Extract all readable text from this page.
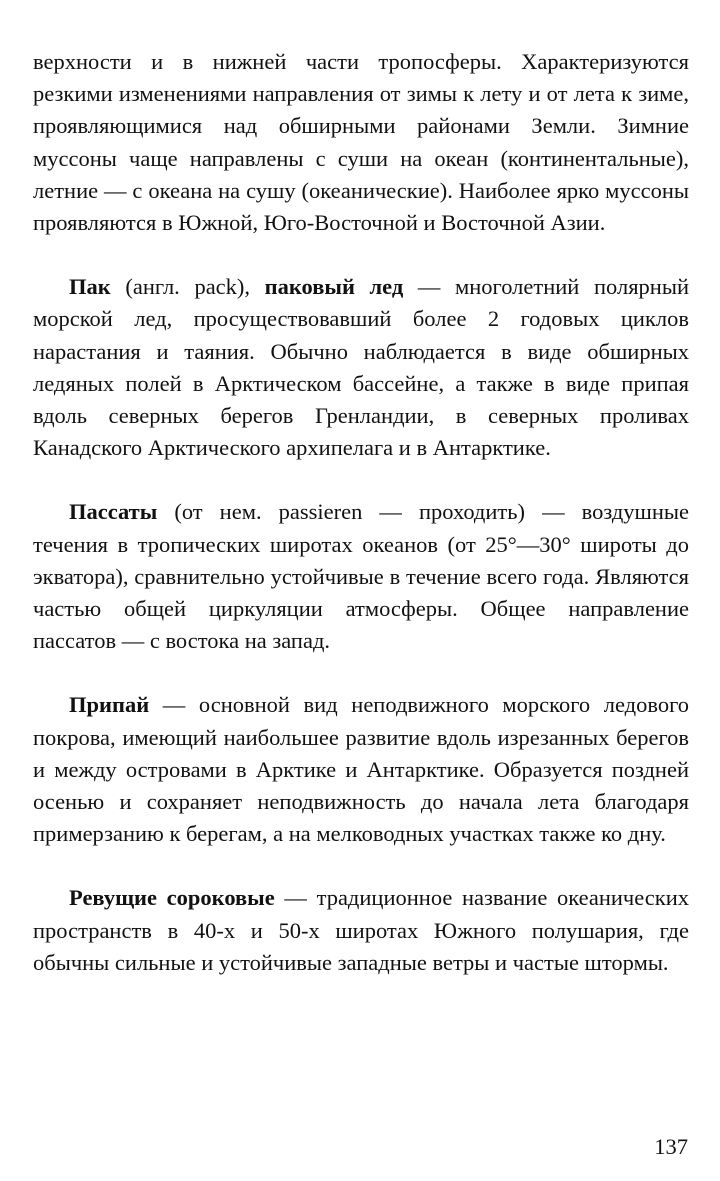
верхности и в нижней части тропосферы. Характеризуются резкими изменениями направления от зимы к лету и от лета к зиме, проявляющимися над обширными районами Земли. Зимние муссоны чаще направлены с суши на океан (континентальные), летние — с океана на сушу (океанические). Наиболее ярко муссоны проявляются в Южной, Юго-Восточной и Восточной Азии.

Пак (англ. pack), паковый лед — многолетний полярный морской лед, просуществовавший более 2 годовых циклов нарастания и таяния. Обычно наблюдается в виде обширных ледяных полей в Арктическом бассейне, а также в виде припая вдоль северных берегов Гренландии, в северных проливах Канадского Арктического архипелага и в Антарктике.

Пассаты (от нем. passieren — проходить) — воздушные течения в тропических широтах океанов (от 25°—30° широты до экватора), сравнительно устойчивые в течение всего года. Являются частью общей циркуляции атмосферы. Общее направление пассатов — с востока на запад.

Припай — основной вид неподвижного морского ледового покрова, имеющий наибольшее развитие вдоль изрезанных берегов и между островами в Арктике и Антарктике. Образуется поздней осенью и сохраняет неподвижность до начала лета благодаря примерзанию к берегам, а на мелководных участках также ко дну.

Ревущие сороковые — традиционное название океанических пространств в 40-х и 50-х широтах Южного полушария, где обычны сильные и устойчивые западные ветры и частые штормы.

137
